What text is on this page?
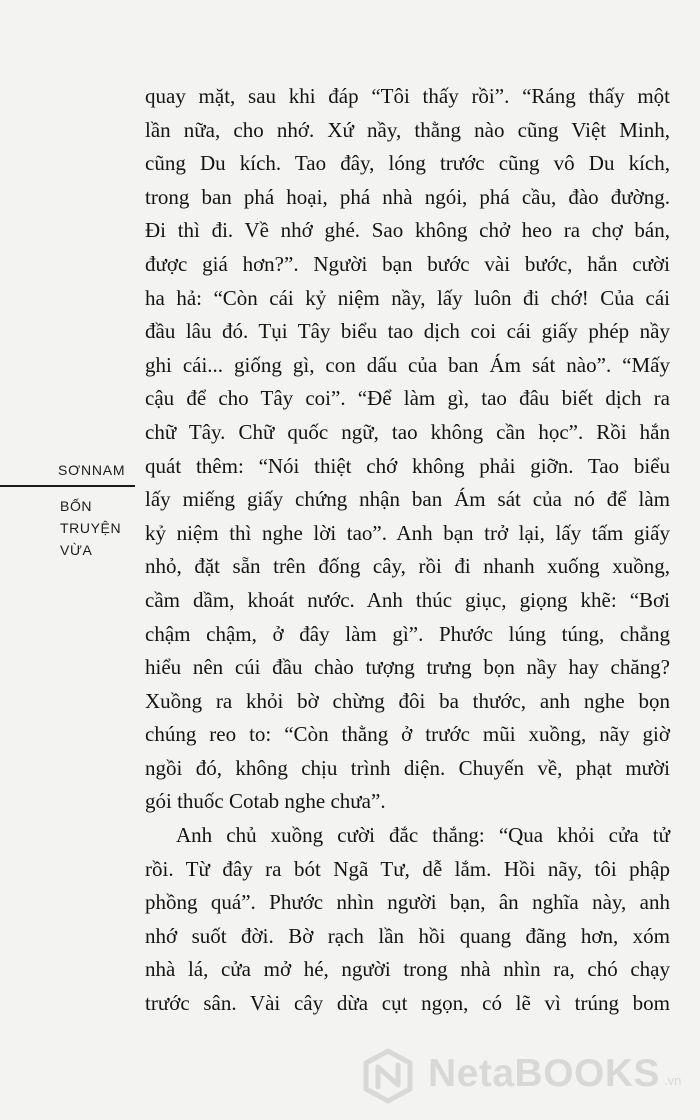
SƠNNAM
BỐN
TRUYỆN VỪA
quay mặt, sau khi đáp “Tôi thấy rồi”. “Ráng thấy một
lần nữa, cho nhớ. Xứ nầy, thằng nào cũng Việt Minh,
cũng Du kích. Tao đây, lóng trước cũng vô Du kích,
trong ban phá hoại, phá nhà ngói, phá cầu, đào đường.
Đi thì đi. Về nhớ ghé. Sao không chở heo ra chợ bán,
được giá hơn?”. Người bạn bước vài bước, hắn cười
ha hả: “Còn cái kỷ niệm nầy, lấy luôn đi chớ! Của cái
đầu lâu đó. Tụi Tây biểu tao dịch coi cái giấy phép nầy
ghi cái... giống gì, con dấu của ban Ám sát nào”. “Mấy
cậu để cho Tây coi”. “Để làm gì, tao đâu biết dịch ra
chữ Tây. Chữ quốc ngữ, tao không cần học”. Rồi hắn
quát thêm: “Nói thiệt chớ không phải giỡn. Tao biểu
lấy miếng giấy chứng nhận ban Ám sát của nó để làm
kỷ niệm thì nghe lời tao”. Anh bạn trở lại, lấy tấm giấy
nhỏ, đặt sẵn trên đống cây, rồi đi nhanh xuống xuồng,
cầm dầm, khoát nước. Anh thúc giục, giọng khẽ: “Bơi
chậm chậm, ở đây làm gì”. Phước lúng túng, chẳng
hiểu nên cúi đầu chào tượng trưng bọn nầy hay chăng?
Xuồng ra khỏi bờ chừng đôi ba thước, anh nghe bọn
chúng reo to: “Còn thằng ở trước mũi xuồng, nãy giờ
ngồi đó, không chịu trình diện. Chuyến về, phạt mười
gói thuốc Cotab nghe chưa”.
Anh chủ xuồng cười đắc thắng: “Qua khỏi cửa tử
rồi. Từ đây ra bót Ngã Tư, dễ lắm. Hồi nãy, tôi phập
phồng quá”. Phước nhìn người bạn, ân nghĩa này, anh
nhớ suốt đời. Bờ rạch lần hồi quang đãng hơn, xóm
nhà lá, cửa mở hé, người trong nhà nhìn ra, chó chạy
trước sân. Vài cây dừa cụt ngọn, có lẽ vì trúng bom
NetaBOOKS .vn
